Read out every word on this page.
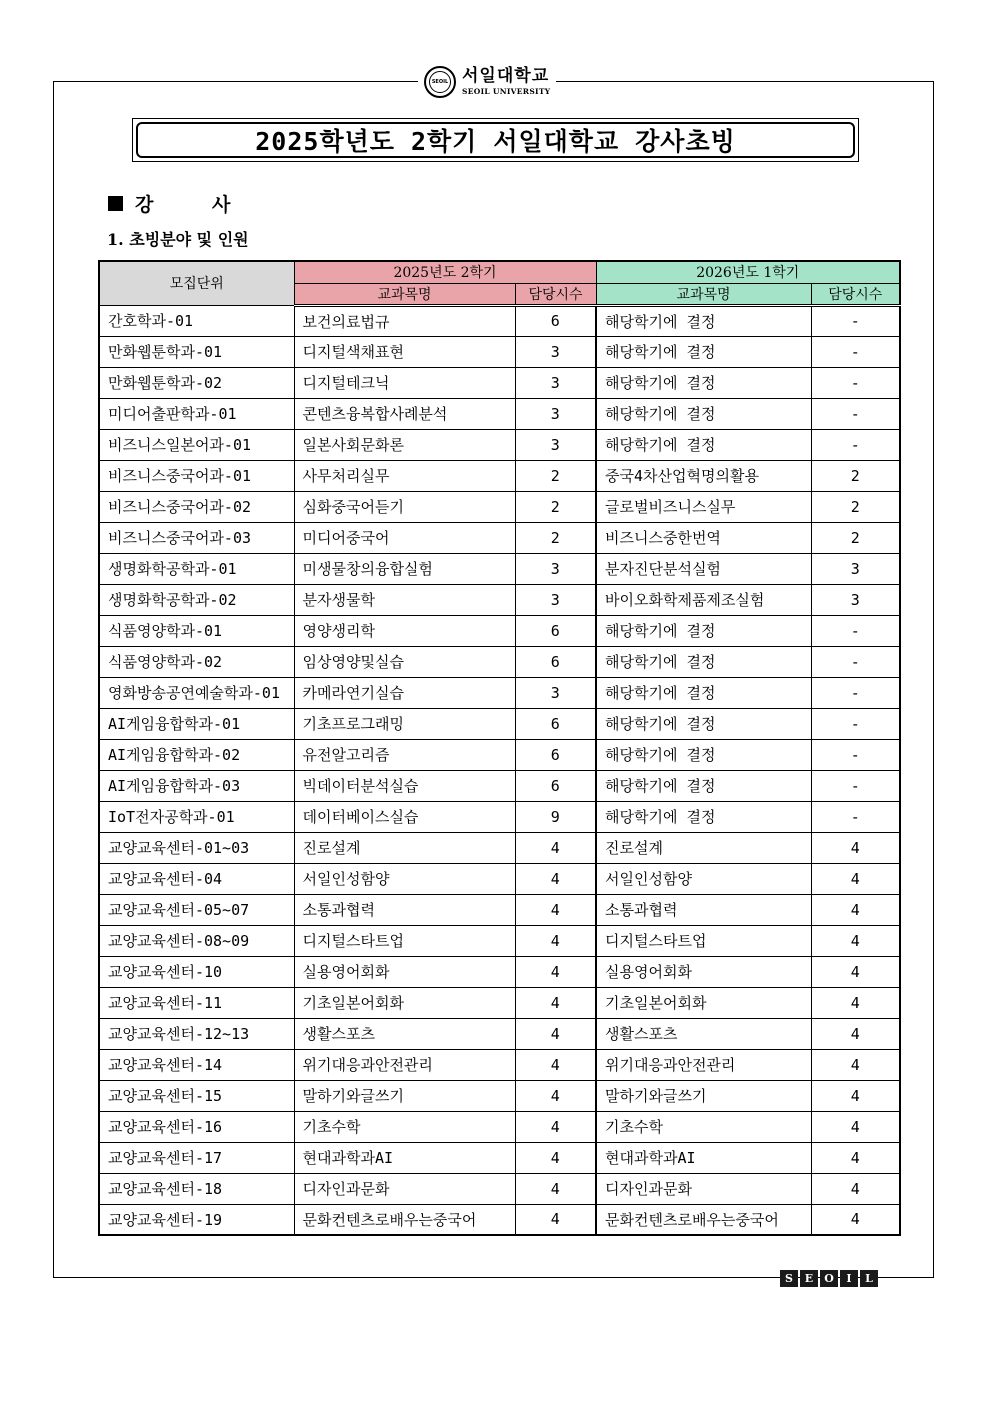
SEOIL 서일대학교
SEOIL UNIVERSITY
2025학년도 2학기 서일대학교 강사초빙
강 사
1. 초빙분야 및 인원
모집단위	2025년도 2학기		2026년도 1학기	
	교과목명	담당시수	교과목명	담당시수
간호학과-01	보건의료법규	6	해당학기에 결정	-
만화웹툰학과-01	디지털색채표현	3	해당학기에 결정	-
만화웹툰학과-02	디지털테크닉	3	해당학기에 결정	-
미디어출판학과-01	콘텐츠융복합사례분석	3	해당학기에 결정	-
비즈니스일본어과-01	일본사회문화론	3	해당학기에 결정	-
비즈니스중국어과-01	사무처리실무	2	중국4차산업혁명의활용	2
비즈니스중국어과-02	심화중국어듣기	2	글로벌비즈니스실무	2
비즈니스중국어과-03	미디어중국어	2	비즈니스중한번역	2
생명화학공학과-01	미생물창의융합실험	3	분자진단분석실험	3
생명화학공학과-02	분자생물학	3	바이오화학제품제조실험	3
식품영양학과-01	영양생리학	6	해당학기에 결정	-
식품영양학과-02	임상영양및실습	6	해당학기에 결정	-
영화방송공연예술학과-01	카메라연기실습	3	해당학기에 결정	-
AI게임융합학과-01	기초프로그래밍	6	해당학기에 결정	-
AI게임융합학과-02	유전알고리즘	6	해당학기에 결정	-
AI게임융합학과-03	빅데이터분석실습	6	해당학기에 결정	-
IoT전자공학과-01	데이터베이스실습	9	해당학기에 결정	-
교양교육센터-01~03	진로설계	4	진로설계	4
교양교육센터-04	서일인성함양	4	서일인성함양	4
교양교육센터-05~07	소통과협력	4	소통과협력	4
교양교육센터-08~09	디지털스타트업	4	디지털스타트업	4
교양교육센터-10	실용영어회화	4	실용영어회화	4
교양교육센터-11	기초일본어회화	4	기초일본어회화	4
교양교육센터-12~13	생활스포츠	4	생활스포츠	4
교양교육센터-14	위기대응과안전관리	4	위기대응과안전관리	4
교양교육센터-15	말하기와글쓰기	4	말하기와글쓰기	4
교양교육센터-16	기초수학	4	기초수학	4
교양교육센터-17	현대과학과AI	4	현대과학과AI	4
교양교육센터-18	디자인과문화	4	디자인과문화	4
교양교육센터-19	문화컨텐츠로배우는중국어	4	문화컨텐츠로배우는중국어	4
S	E	O	I	L
